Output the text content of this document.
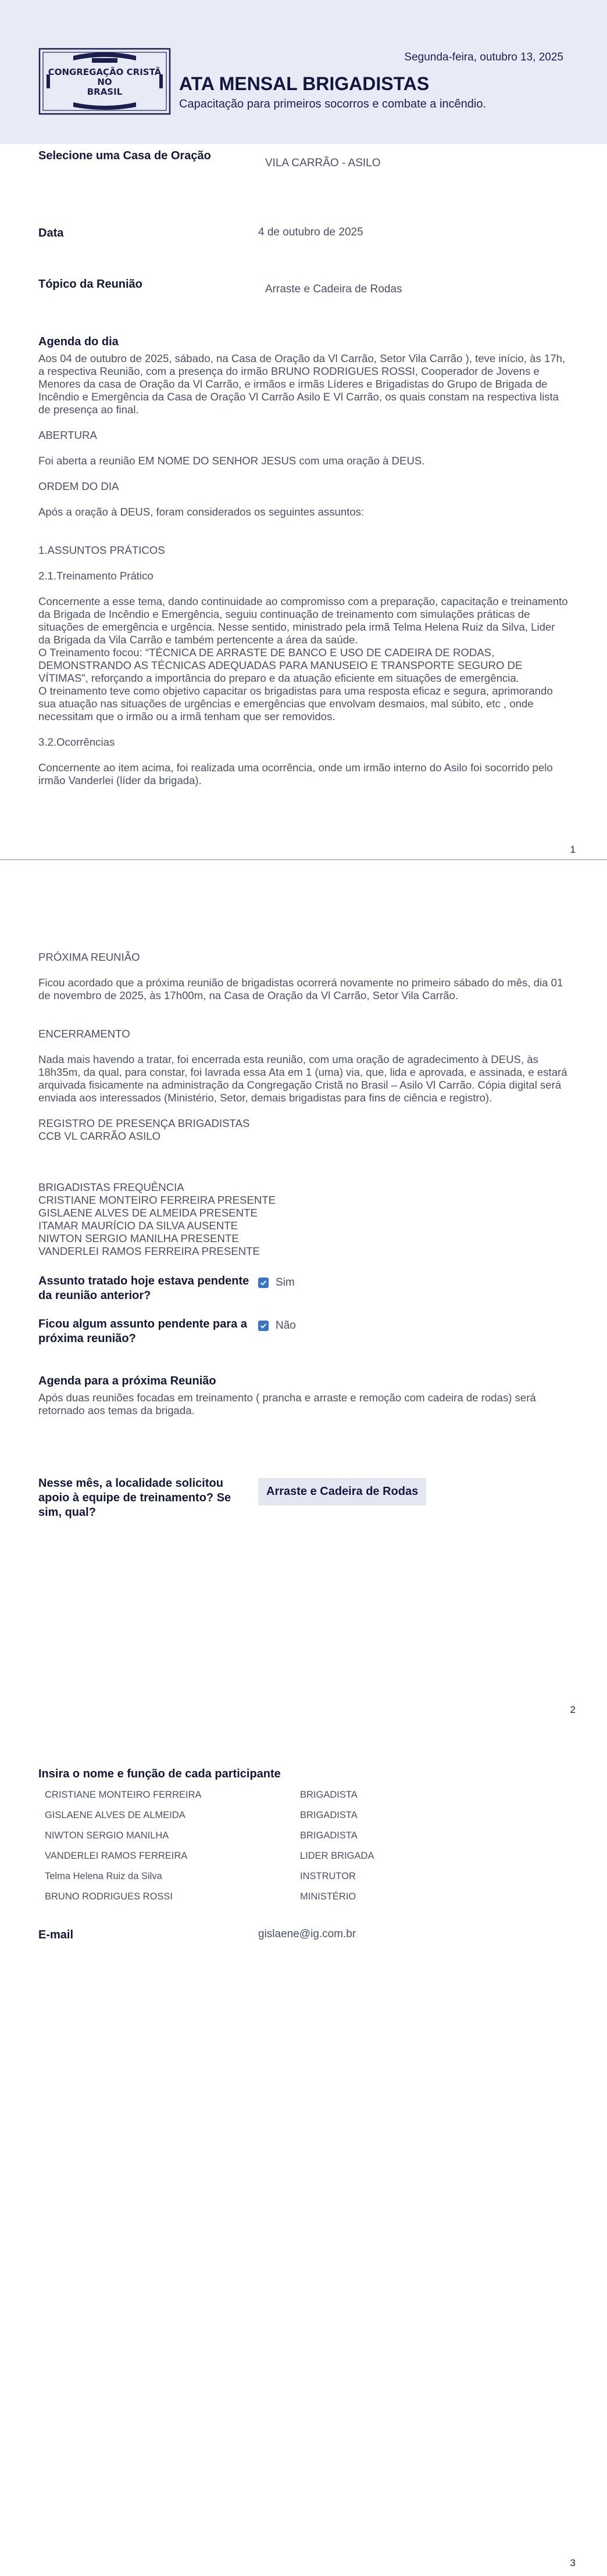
Segunda-feira, outubro 13, 2025
CONGREGAÇÃO CRISTÃ
NO
BRASIL	ATA MENSAL BRIGADISTAS
Capacitação para primeiros socorros e combate a incêndio.
Selecione uma Casa de Oração
VILA CARRÃO - ASILO
Data	4 de outubro de 2025
Tópico da Reunião	Arraste e Cadeira de Rodas
Agenda do dia

Aos 04 de outubro de 2025, sábado, na Casa de Oração da Vl Carrão, Setor Vila Carrão ), teve início, às 17h, a respectiva Reunião, com a presença do irmão BRUNO RODRIGUES ROSSI, Cooperador de Jovens e Menores da casa de Oração da Vl Carrão, e irmãos e irmãs Líderes e Brigadistas do Grupo de Brigada de Incêndio e Emergência da Casa de Oração Vl Carrão Asilo E Vl Carrão, os quais constam na respectiva lista de presença ao final.

ABERTURA

Foi aberta a reunião EM NOME DO SENHOR JESUS com uma oração à DEUS.

ORDEM DO DIA

Após a oração à DEUS, foram considerados os seguintes assuntos:

1.ASSUNTOS PRÁTICOS

2.1.Treinamento Prático

Concernente a esse tema, dando continuidade ao compromisso com a preparação, capacitação e treinamento da Brigada de Incêndio e Emergência, seguiu continuação de treinamento com simulações práticas de situações de emergência e urgência. Nesse sentido, ministrado pela irmã Telma Helena Ruiz da Silva, Lider da Brigada da Vila Carrão e também pertencente a área da saúde.

O Treinamento focou: “TÉCNICA DE ARRASTE DE BANCO E USO DE CADEIRA DE RODAS, DEMONSTRANDO AS TÉCNICAS ADEQUADAS PARA MANUSEIO E TRANSPORTE SEGURO DE VÍTIMAS”, reforçando a importância do preparo e da atuação eficiente em situações de emergência.

O treinamento teve como objetivo capacitar os brigadistas para uma resposta eficaz e segura, aprimorando sua atuação nas situações de urgências e emergências que envolvam desmaios, mal súbito, etc , onde necessitam que o irmão ou a irmã tenham que ser removidos.

3.2.Ocorrências

Concernente ao item acima, foi realizada uma ocorrência, onde um irmão interno do Asilo foi socorrido pelo irmão Vanderlei (líder da brigada).

1

PRÓXIMA REUNIÃO

Ficou acordado que a próxima reunião de brigadistas ocorrerá novamente no primeiro sábado do mês, dia 01 de novembro de 2025, às 17h00m, na Casa de Oração da Vl Carrão, Setor Vila Carrão.

ENCERRAMENTO

Nada mais havendo a tratar, foi encerrada esta reunião, com uma oração de agradecimento à DEUS, às 18h35m, da qual, para constar, foi lavrada essa Ata em 1 (uma) via, que, lida e aprovada, e assinada, e estará arquivada fisicamente na administração da Congregação Cristã no Brasil – Asilo Vl Carrão. Cópia digital será enviada aos interessados (Ministério, Setor, demais brigadistas para fins de ciência e registro).

REGISTRO DE PRESENÇA BRIGADISTAS

CCB VL CARRÃO ASILO

BRIGADISTAS FREQUÊNCIA

CRISTIANE MONTEIRO FERREIRA PRESENTE

GISLAENE ALVES DE ALMEIDA PRESENTE

ITAMAR MAURÍCIO DA SILVA AUSENTE

NIWTON SERGIO MANILHA PRESENTE

VANDERLEI RAMOS FERREIRA PRESENTE

Assunto tratado hoje estava pendente da reunião anterior?
Sim
Ficou algum assunto pendente para a próxima reunião?
Não
Agenda para a próxima Reunião
Após duas reuniões focadas em treinamento ( prancha e arraste e remoção com cadeira de rodas) será retornado aos temas da brigada.
Nesse mês, a localidade solicitou apoio à equipe de treinamento? Se sim, qual?
Arraste e Cadeira de Rodas
2
Insira o nome e função de cada participante
CRISTIANE MONTEIRO FERREIRA	BRIGADISTA
GISLAENE ALVES DE ALMEIDA	BRIGADISTA
NIWTON SERGIO MANILHA	BRIGADISTA
VANDERLEI RAMOS FERREIRA	LIDER BRIGADA
Telma Helena Ruiz da Silva	INSTRUTOR
BRUNO RODRIGUES ROSSI	MINISTÉRIO
E-mail	gislaene@ig.com.br
3
